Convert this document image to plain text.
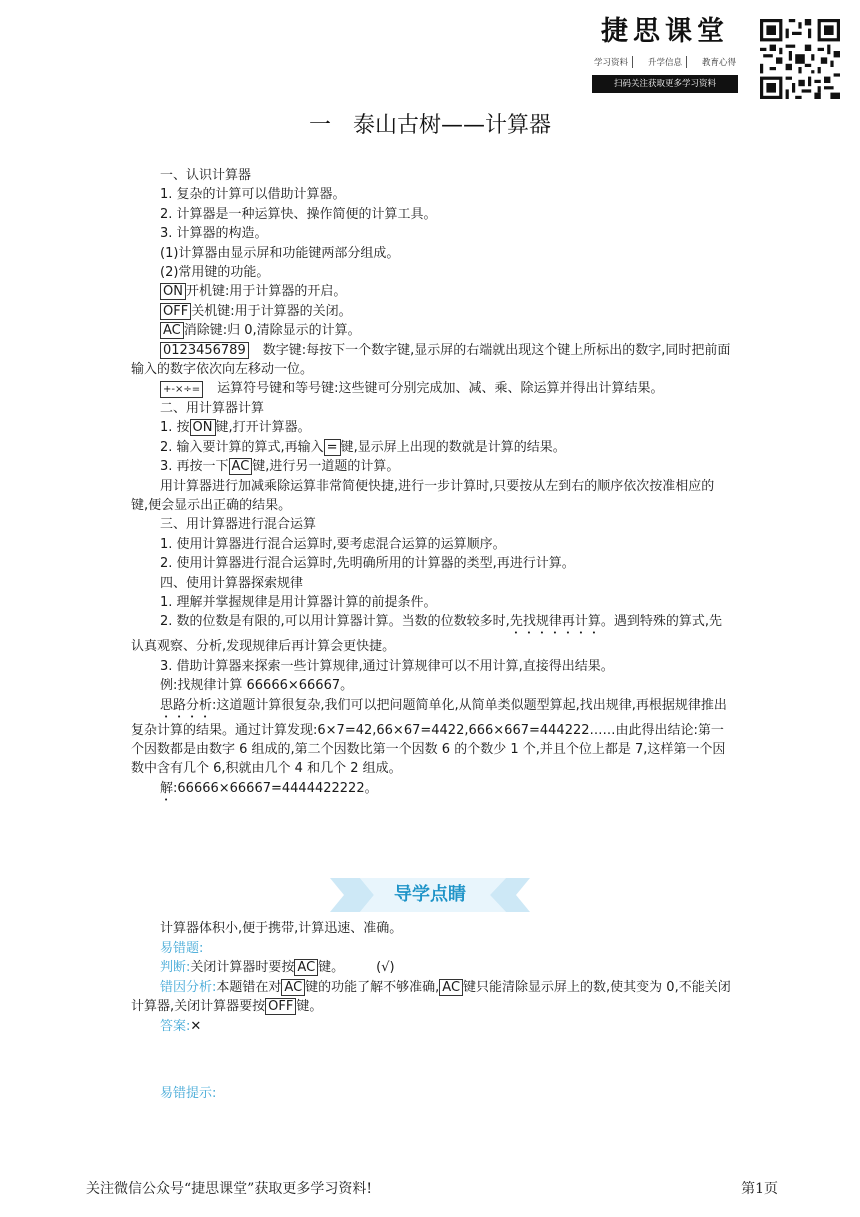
捷思课堂
学习资料	升学信息	教育心得
扫码关注获取更多学习资料
一　泰山古树——计算器

一、认识计算器

1. 复杂的计算可以借助计算器。

2. 计算器是一种运算快、操作简便的计算工具。

3. 计算器的构造。

(1)计算器由显示屏和功能键两部分组成。

(2)常用键的功能。

ON 开机键:用于计算器的开启。

OFF 关机键:用于计算器的关闭。

AC 消除键:归 0,清除显示的计算。

0123456789 数字键:每按下一个数字键,显示屏的右端就出现这个键上所标出的数字,同时把前面输入的数字依次向左移动一位。

+-×÷= 运算符号键和等号键:这些键可分别完成加、减、乘、除运算并得出计算结果。

二、用计算器计算

1. 按 ON 键,打开计算器。

2. 输入要计算的算式,再输入 = 键,显示屏上出现的数就是计算的结果。

3. 再按一下 AC 键,进行另一道题的计算。

用计算器进行加减乘除运算非常简便快捷,进行一步计算时,只要按从左到右的顺序依次按准相应的键,便会显示出正确的结果。

三、用计算器进行混合运算

1. 使用计算器进行混合运算时,要考虑混合运算的运算顺序。

2. 使用计算器进行混合运算时,先明确所用的计算器的类型,再进行计算。

四、使用计算器探索规律

1. 理解并掌握规律是用计算器计算的前提条件。

2. 数的位数是有限的,可以用计算器计算。当数的位数较多时,先找规律再计算。遇到特殊的算式,先认真观察、分析,发现规律后再计算会更快捷。

3. 借助计算器来探索一些计算规律,通过计算规律可以不用计算,直接得出结果。

例:找规律计算 66666×66667。

思路分析:这道题计算很复杂,我们可以把问题简单化,从简单类似题型算起,找出规律,再根据规律推出复杂计算的结果。通过计算发现:6×7=42,66×67=4422,666×667=444222……由此得出结论:第一个因数都是由数字 6 组成的,第二个因数比第一个因数 6 的个数少 1 个,并且个位上都是 7,这样第一个因数中含有几个 6,积就由几个 4 和几个 2 组成。

解:66666×66667=4444422222。

导学点睛

计算器体积小,便于携带,计算迅速、准确。

易错题:

判断:关闭计算器时要按 AC 键。 (√)

错因分析:本题错在对 AC 键的功能了解不够准确, AC 键只能清除显示屏上的数,使其变为 0,不能关闭计算器,关闭计算器要按 OFF 键。

答案:✕

易错提示:
关注微信公众号“捷思课堂”获取更多学习资料!	第1页
